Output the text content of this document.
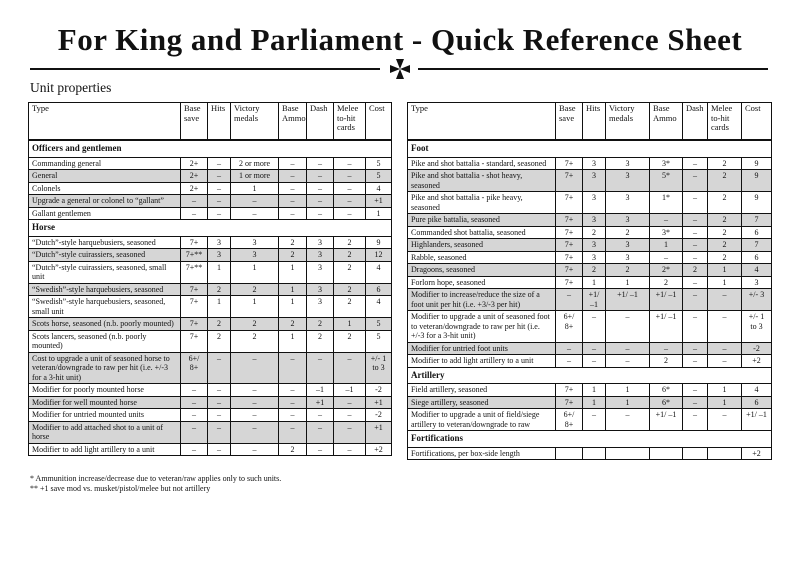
For King and Parliament - Quick Reference Sheet
Unit properties
Type	Base save	Hits	Victory medals	Base Ammo	Dash	Melee to-hit cards	Cost
Officers and gentlemen							
Commanding general	2+	–	2 or more	–	–	–	5
General	2+	–	1 or more	–	–	–	5
Colonels	2+	–	1	–	–	–	4
Upgrade a general or colonel to “gallant”	–	–	–	–	–	–	+1
Gallant gentlemen	–	–	–	–	–	–	1
Horse							
“Dutch”-style harquebusiers, seasoned	7+	3	3	2	3	2	9
“Dutch”-style cuirassiers, seasoned	7+**	3	3	2	3	2	12
“Dutch”-style cuirassiers, seasoned, small unit	7+**	1	1	1	3	2	4
“Swedish”-style harquebusiers, seasoned	7+	2	2	1	3	2	6
“Swedish”-style harquebusiers, seasoned, small unit	7+	1	1	1	3	2	4
Scots horse, seasoned (n.b. poorly mounted)	7+	2	2	2	2	1	5
Scots lancers, seasoned (n.b. poorly mounted)	7+	2	2	1	2	2	5
Cost to upgrade a unit of seasoned horse to veteran/downgrade to raw per hit (i.e. +/-3 for a 3-hit unit)	6+/ 8+	–	–	–	–	–	+/- 1 to 3
Modifier for poorly mounted horse	–	–	–	–	–1	–1	-2
Modifier for well mounted horse	–	–	–	–	+1	–	+1
Modifier for untried mounted units	–	–	–	–	–	–	-2
Modifier to add attached shot to a unit of horse	–	–	–	–	–	–	+1
Modifier to add light artillery to a unit	–	–	–	2	–	–	+2
Type	Base save	Hits	Victory medals	Base Ammo	Dash	Melee to-hit cards	Cost
Foot							
Pike and shot battalia - standard, seasoned	7+	3	3	3*	–	2	9
Pike and shot battalia - shot heavy, seasoned	7+	3	3	5*	–	2	9
Pike and shot battalia - pike heavy, seasoned	7+	3	3	1*	–	2	9
Pure pike battalia, seasoned	7+	3	3	–	–	2	7
Commanded shot battalia, seasoned	7+	2	2	3*	–	2	6
Highlanders, seasoned	7+	3	3	1	–	2	7
Rabble, seasoned	7+	3	3	–	–	2	6
Dragoons, seasoned	7+	2	2	2*	2	1	4
Forlorn hope, seasoned	7+	1	1	2	–	1	3
Modifier to increase/reduce the size of a foot unit per hit (i.e. +3/-3 per hit)	–	+1/ –1	+1/ –1	+1/ –1	–	–	+/- 3
Modifier to upgrade a unit of seasoned foot to veteran/downgrade to raw per hit (i.e. +/-3 for a 3-hit unit)	6+/ 8+	–	–	+1/ –1	–	–	+/- 1 to 3
Modifier for untried foot units	–	–	–	–	–	–	-2
Modifier to add light artillery to a unit	–	–	–	2	–	–	+2
Artillery							
Field artillery, seasoned	7+	1	1	6*	–	1	4
Siege artillery, seasoned	7+	1	1	6*	–	1	6
Modifier to upgrade a unit of field/siege artillery to veteran/downgrade to raw	6+/ 8+	–	–	+1/ –1	–	–	+1/ –1
Fortifications							
Fortifications, per box-side length							+2
* Ammunition increase/decrease due to veteran/raw applies only to such units.
** +1 save mod vs. musket/pistol/melee but not artillery
